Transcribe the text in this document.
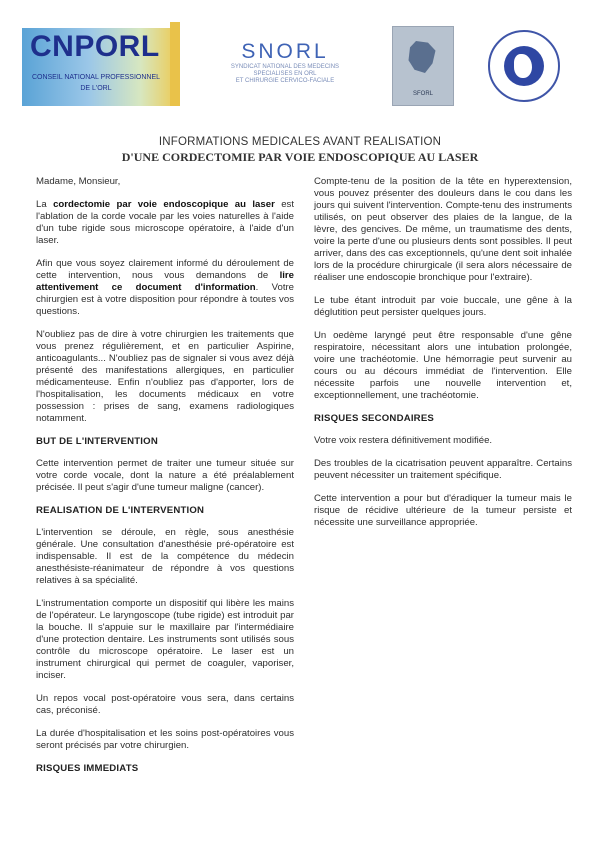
CNPORL
CONSEIL NATIONAL PROFESSIONNEL
DE L'ORL
SNORL
SYNDICAT NATIONAL DES MEDECINS
SPECIALISES EN ORL
ET CHIRURGIE CERVICO-FACIALE
SFORL
INFORMATIONS MEDICALES AVANT REALISATION
D'UNE CORDECTOMIE PAR VOIE ENDOSCOPIQUE AU LASER

Madame, Monsieur,

La cordectomie par voie endoscopique au laser est l'ablation de la corde vocale par les voies naturelles à l'aide d'un tube rigide sous microscope opératoire, à l'aide d'un laser.

Afin que vous soyez clairement informé du déroulement de cette intervention, nous vous demandons de lire attentivement ce document d'information. Votre chirurgien est à votre disposition pour répondre à toutes vos questions.

N'oubliez pas de dire à votre chirurgien les traitements que vous prenez régulièrement, et en particulier Aspirine, anticoagulants... N'oubliez pas de signaler si vous avez déjà présenté des manifestations allergiques, en particulier médicamenteuse. Enfin n'oubliez pas d'apporter, lors de l'hospitalisation, les documents médicaux en votre possession : prises de sang, examens radiologiques notamment.

BUT DE L'INTERVENTION

Cette intervention permet de traiter une tumeur située sur votre corde vocale, dont la nature a été préalablement précisée. Il peut s'agir d'une tumeur maligne (cancer).

REALISATION DE L'INTERVENTION

L'intervention se déroule, en règle, sous anesthésie générale. Une consultation d'anesthésie pré-opératoire est indispensable. Il est de la compétence du médecin anesthésiste-réanimateur de répondre à vos questions relatives à sa spécialité.

L'instrumentation comporte un dispositif qui libère les mains de l'opérateur. Le laryngoscope (tube rigide) est introduit par la bouche. Il s'appuie sur le maxillaire par l'intermédiaire d'une protection dentaire. Les instruments sont utilisés sous contrôle du microscope opératoire. Le laser est un instrument chirurgical qui permet de coaguler, vaporiser, inciser.

Un repos vocal post-opératoire vous sera, dans certains cas, préconisé.

La durée d'hospitalisation et les soins post-opératoires vous seront précisés par votre chirurgien.

RISQUES IMMEDIATS

Compte-tenu de la position de la tête en hyperextension, vous pouvez présenter des douleurs dans le cou dans les jours qui suivent l'intervention. Compte-tenu des instruments utilisés, on peut observer des plaies de la langue, de la lèvre, des gencives. De même, un traumatisme des dents, voire la perte d'une ou plusieurs dents sont possibles. Il peut arriver, dans des cas exceptionnels, qu'une dent soit inhalée lors de la procédure chirurgicale (il sera alors nécessaire de réaliser une endoscopie bronchique pour l'extraire).

Le tube étant introduit par voie buccale, une gêne à la déglutition peut persister quelques jours.

Un oedème laryngé peut être responsable d'une gêne respiratoire, nécessitant alors une intubation prolongée, voire une trachéotomie. Une hémorragie peut survenir au cours ou au décours immédiat de l'intervention. Elle nécessite parfois une nouvelle intervention et, exceptionnellement, une trachéotomie.

RISQUES SECONDAIRES

Votre voix restera définitivement modifiée.

Des troubles de la cicatrisation peuvent apparaître. Certains peuvent nécessiter un traitement spécifique.

Cette intervention a pour but d'éradiquer la tumeur mais le risque de récidive ultérieure de la tumeur persiste et nécessite une surveillance appropriée.
